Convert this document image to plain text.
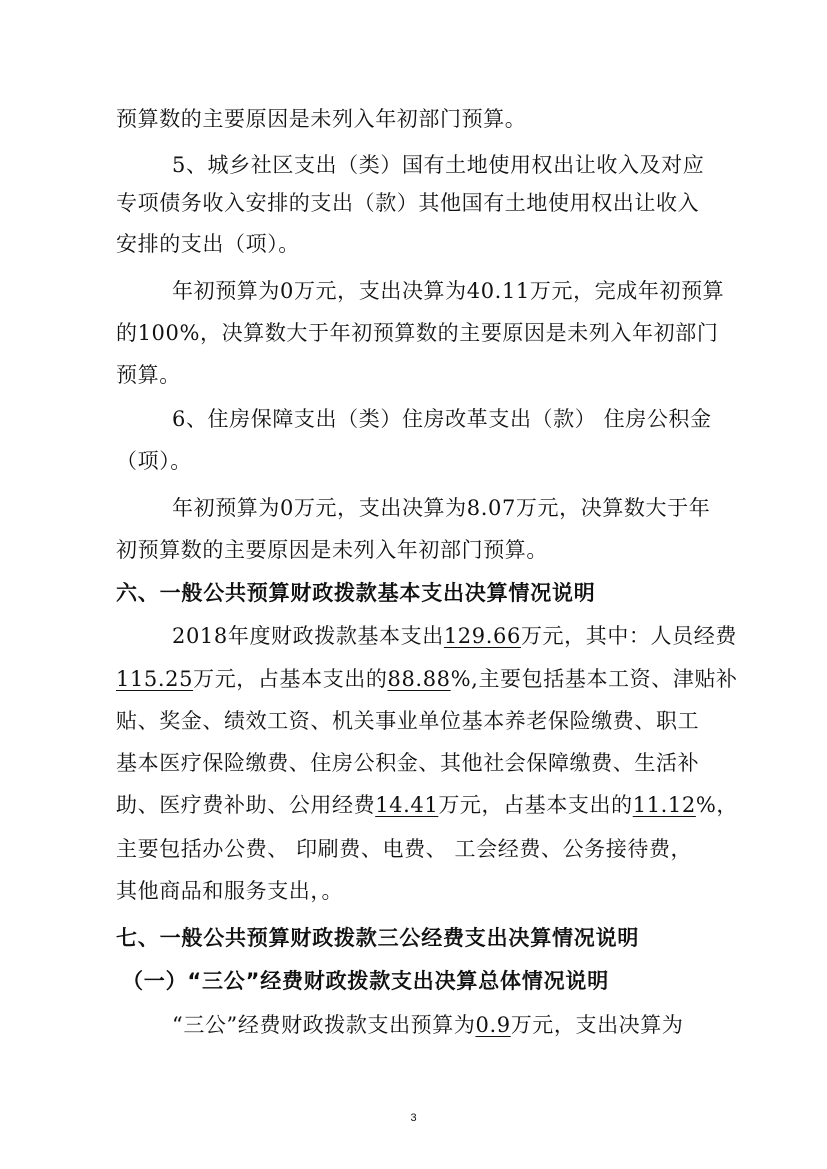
预算数的主要原因是未列入年初部门预算。
5、城乡社区支出（类）国有土地使用权出让收入及对应
专项债务收入安排的支出（款）其他国有土地使用权出让收入
安排的支出（项）。
年初预算为0万元，支出决算为40.11万元，完成年初预算
的100%，决算数大于年初预算数的主要原因是未列入年初部门
预算。
6、住房保障支出（类）住房改革支出（款） 住房公积金
（项）。
年初预算为0万元，支出决算为8.07万元，决算数大于年
初预算数的主要原因是未列入年初部门预算。
六、一般公共预算财政拨款基本支出决算情况说明
2018年度财政拨款基本支出129.66万元，其中：人员经费
115.25万元，占基本支出的88.88%,主要包括基本工资、津贴补
贴、奖金、绩效工资、机关事业单位基本养老保险缴费、职工
基本医疗保险缴费、住房公积金、其他社会保障缴费、生活补
助、医疗费补助、公用经费14.41万元，占基本支出的11.12%，
主要包括办公费、 印刷费、电费、 工会经费、公务接待费，
其他商品和服务支出，。
七、一般公共预算财政拨款三公经费支出决算情况说明
（一）“三公”经费财政拨款支出决算总体情况说明
“三公”经费财政拨款支出预算为0.9万元，支出决算为
3
